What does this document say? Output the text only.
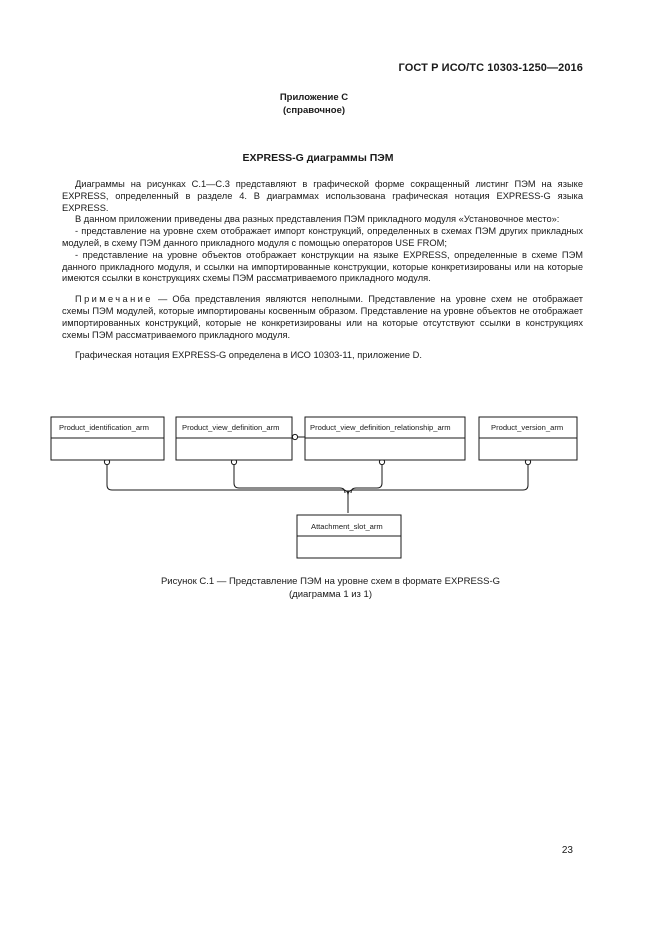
ГОСТ Р ИСО/ТС 10303-1250—2016
Приложение С
(справочное)
EXPRESS-G диаграммы ПЭМ

Диаграммы на рисунках С.1—С.3 представляют в графической форме сокращенный листинг ПЭМ на языке EXPRESS, определенный в разделе 4. В диаграммах использована графическая нотация EXPRESS-G языка EXPRESS.

В данном приложении приведены два разных представления ПЭМ прикладного модуля «Установочное место»:

- представление на уровне схем отображает импорт конструкций, определенных в схемах ПЭМ других прикладных модулей, в схему ПЭМ данного прикладного модуля с помощью операторов USE FROM;

- представление на уровне объектов отображает конструкции на языке EXPRESS, определенные в схеме ПЭМ данного прикладного модуля, и ссылки на импортированные конструкции, которые конкретизированы или на которые имеются ссылки в конструкциях схемы ПЭМ рассматриваемого прикладного модуля.

Примечание — Оба представления являются неполными. Представление на уровне схем не отображает схемы ПЭМ модулей, которые импортированы косвенным образом. Представление на уровне объектов не отображает импортированных конструкций, которые не конкретизированы или на которые отсутствуют ссылки в конструкциях схемы ПЭМ рассматриваемого прикладного модуля.

Графическая нотация EXPRESS-G определена в ИСО 10303-11, приложение D.

Product_identification_arm	Product_view_definition_arm	Product_view_definition_relationship_arm	Product_version_arm
Attachment_slot_arm
Рисунок С.1 — Представление ПЭМ на уровне схем в формате EXPRESS-G
(диаграмма 1 из 1)
23
